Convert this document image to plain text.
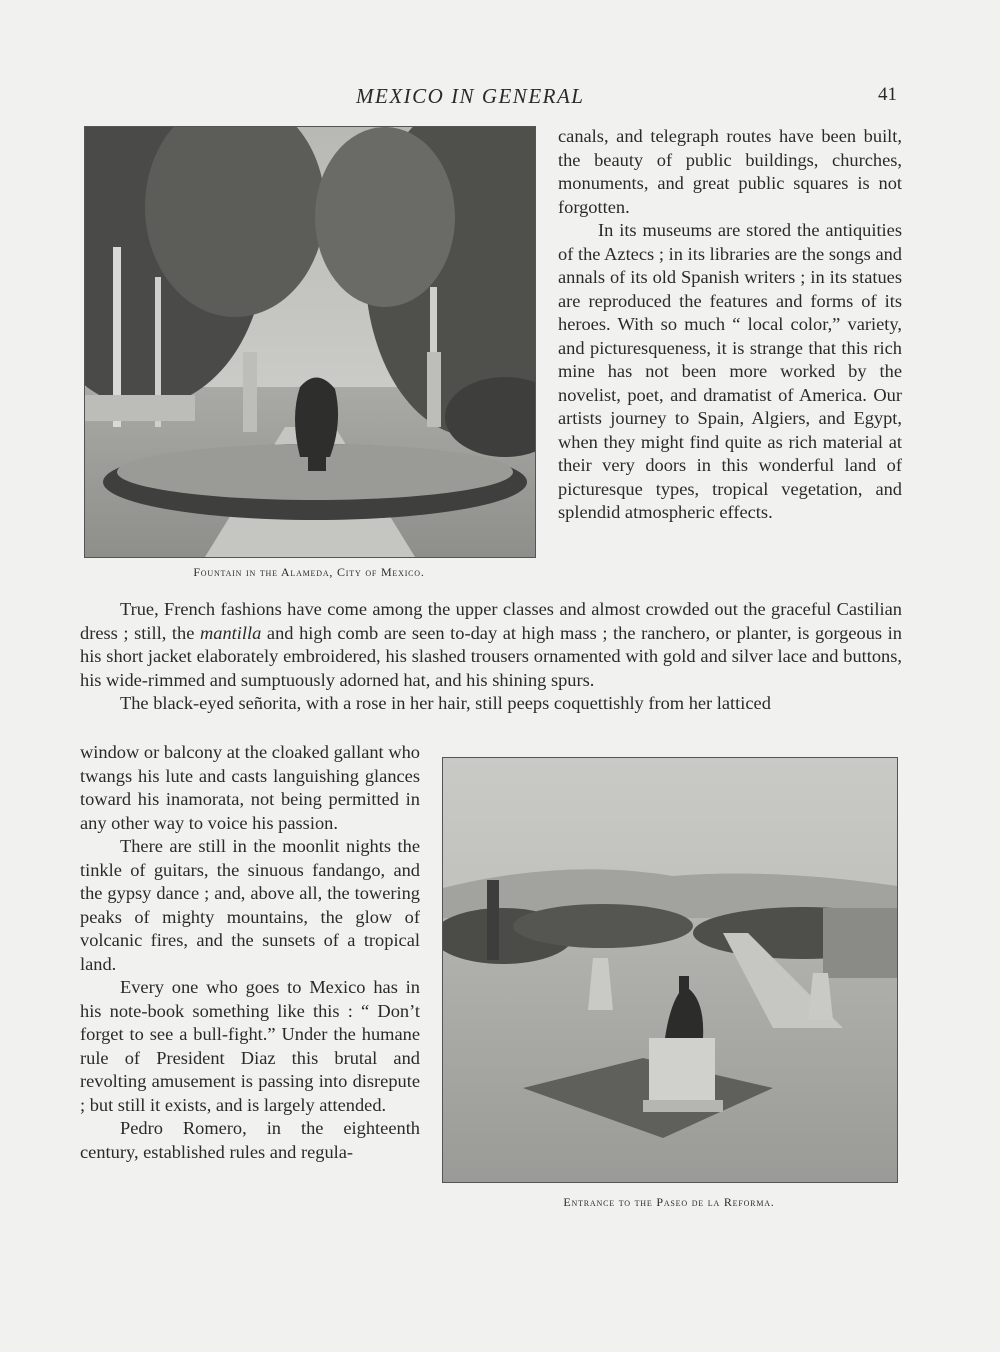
MEXICO IN GENERAL	41
Fountain in the Alameda, City of Mexico.
Entrance to the Paseo de la Reforma.

canals, and telegraph routes have been built, the beauty of public buildings, churches, monuments, and great public squares is not forgotten.

In its museums are stored the antiquities of the Aztecs ; in its libraries are the songs and annals of its old Spanish writers ; in its statues are reproduced the features and forms of its heroes. With so much “ local color,” variety, and picturesqueness, it is strange that this rich mine has not been more worked by the novelist, poet, and dramatist of America. Our artists journey to Spain, Algiers, and Egypt, when they might find quite as rich material at their very doors in this wonderful land of picturesque types, tropical vegetation, and splendid atmospheric effects.

True, French fashions have come among the upper classes and almost crowded out the graceful Castilian dress ; still, the mantilla and high comb are seen to-day at high mass ; the ranchero, or planter, is gorgeous in his short jacket elaborately embroidered, his slashed trousers ornamented with gold and silver lace and buttons, his wide-rimmed and sumptuously adorned hat, and his shining spurs.

The black-eyed señorita, with a rose in her hair, still peeps coquettishly from her latticed

window or balcony at the cloaked gallant who twangs his lute and casts languishing glances toward his inamorata, not being permitted in any other way to voice his passion.

There are still in the moonlit nights the tinkle of guitars, the sinuous fandango, and the gypsy dance ; and, above all, the towering peaks of mighty mountains, the glow of volcanic fires, and the sunsets of a tropical land.

Every one who goes to Mexico has in his note-book something like this : “ Don’t forget to see a bull-fight.” Under the humane rule of President Diaz this brutal and revolting amusement is passing into disrepute ; but still it exists, and is largely attended.

Pedro Romero, in the eighteenth century, established rules and regula-
